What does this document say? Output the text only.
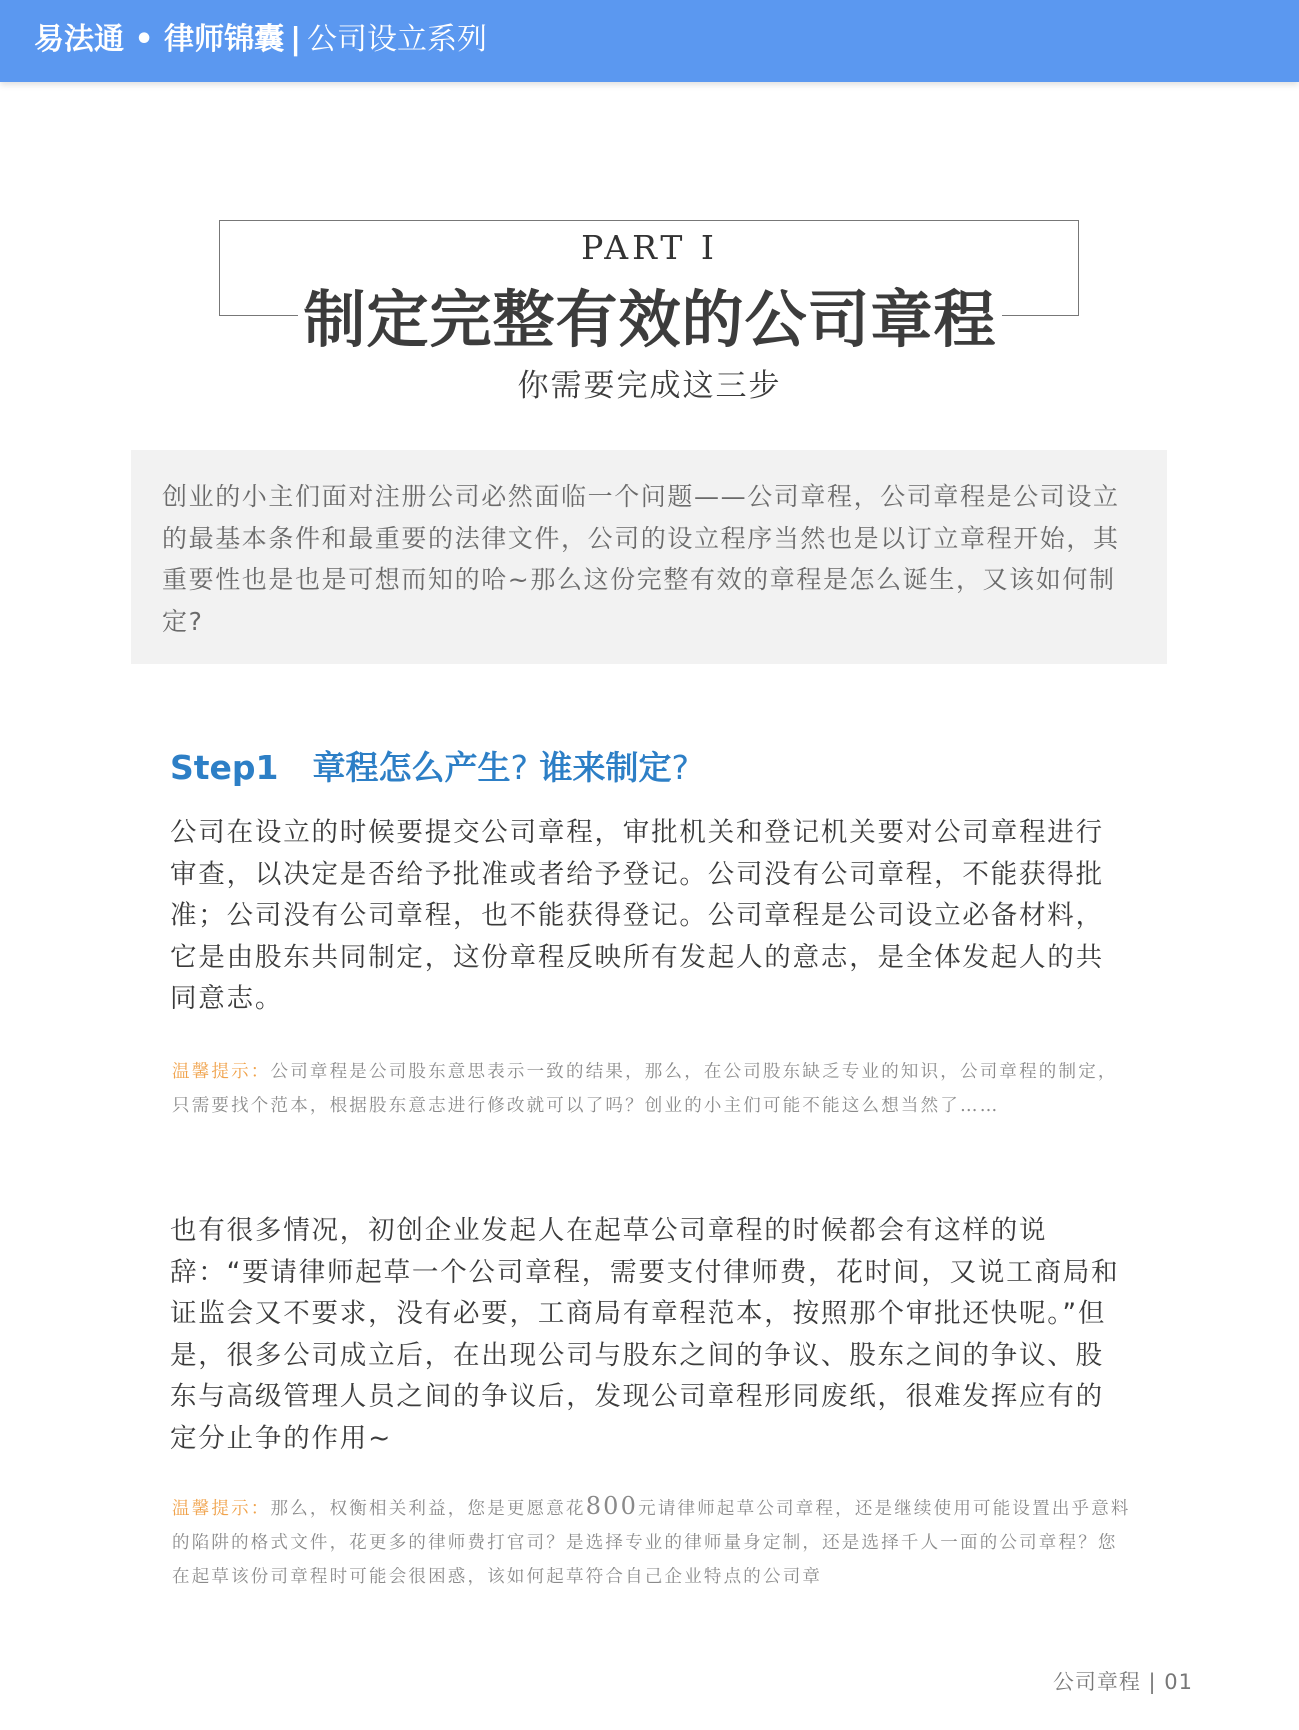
易法通 • 律师锦囊 | 公司设立系列
PART I
制定完整有效的公司章程
你需要完成这三步

创业的小主们面对注册公司必然面临一个问题——公司章程，公司章程是公司设立的最基本条件和最重要的法律文件，公司的设立程序当然也是以订立章程开始，其重要性也是也是可想而知的哈~那么这份完整有效的章程是怎么诞生，又该如何制定?

Step1 章程怎么产生? 谁来制定?

公司在设立的时候要提交公司章程，审批机关和登记机关要对公司章程进行审查，以决定是否给予批准或者给予登记。公司没有公司章程，不能获得批准；公司没有公司章程，也不能获得登记。公司章程是公司设立必备材料，它是由股东共同制定，这份章程反映所有发起人的意志，是全体发起人的共同意志。

温馨提示：公司章程是公司股东意思表示一致的结果，那么，在公司股东缺乏专业的知识，公司章程的制定，只需要找个范本，根据股东意志进行修改就可以了吗？创业的小主们可能不能这么想当然了……

也有很多情况，初创企业发起人在起草公司章程的时候都会有这样的说辞：“要请律师起草一个公司章程，需要支付律师费，花时间，又说工商局和证监会又不要求，没有必要，工商局有章程范本，按照那个审批还快呢。”但是，很多公司成立后，在出现公司与股东之间的争议、股东之间的争议、股东与高级管理人员之间的争议后，发现公司章程形同废纸，很难发挥应有的定分止争的作用~

温馨提示：那么，权衡相关利益，您是更愿意花800元请律师起草公司章程，还是继续使用可能设置出乎意料的陷阱的格式文件，花更多的律师费打官司？是选择专业的律师量身定制，还是选择千人一面的公司章程？您在起草该份司章程时可能会很困惑，该如何起草符合自己企业特点的公司章

公司章程 | 01
